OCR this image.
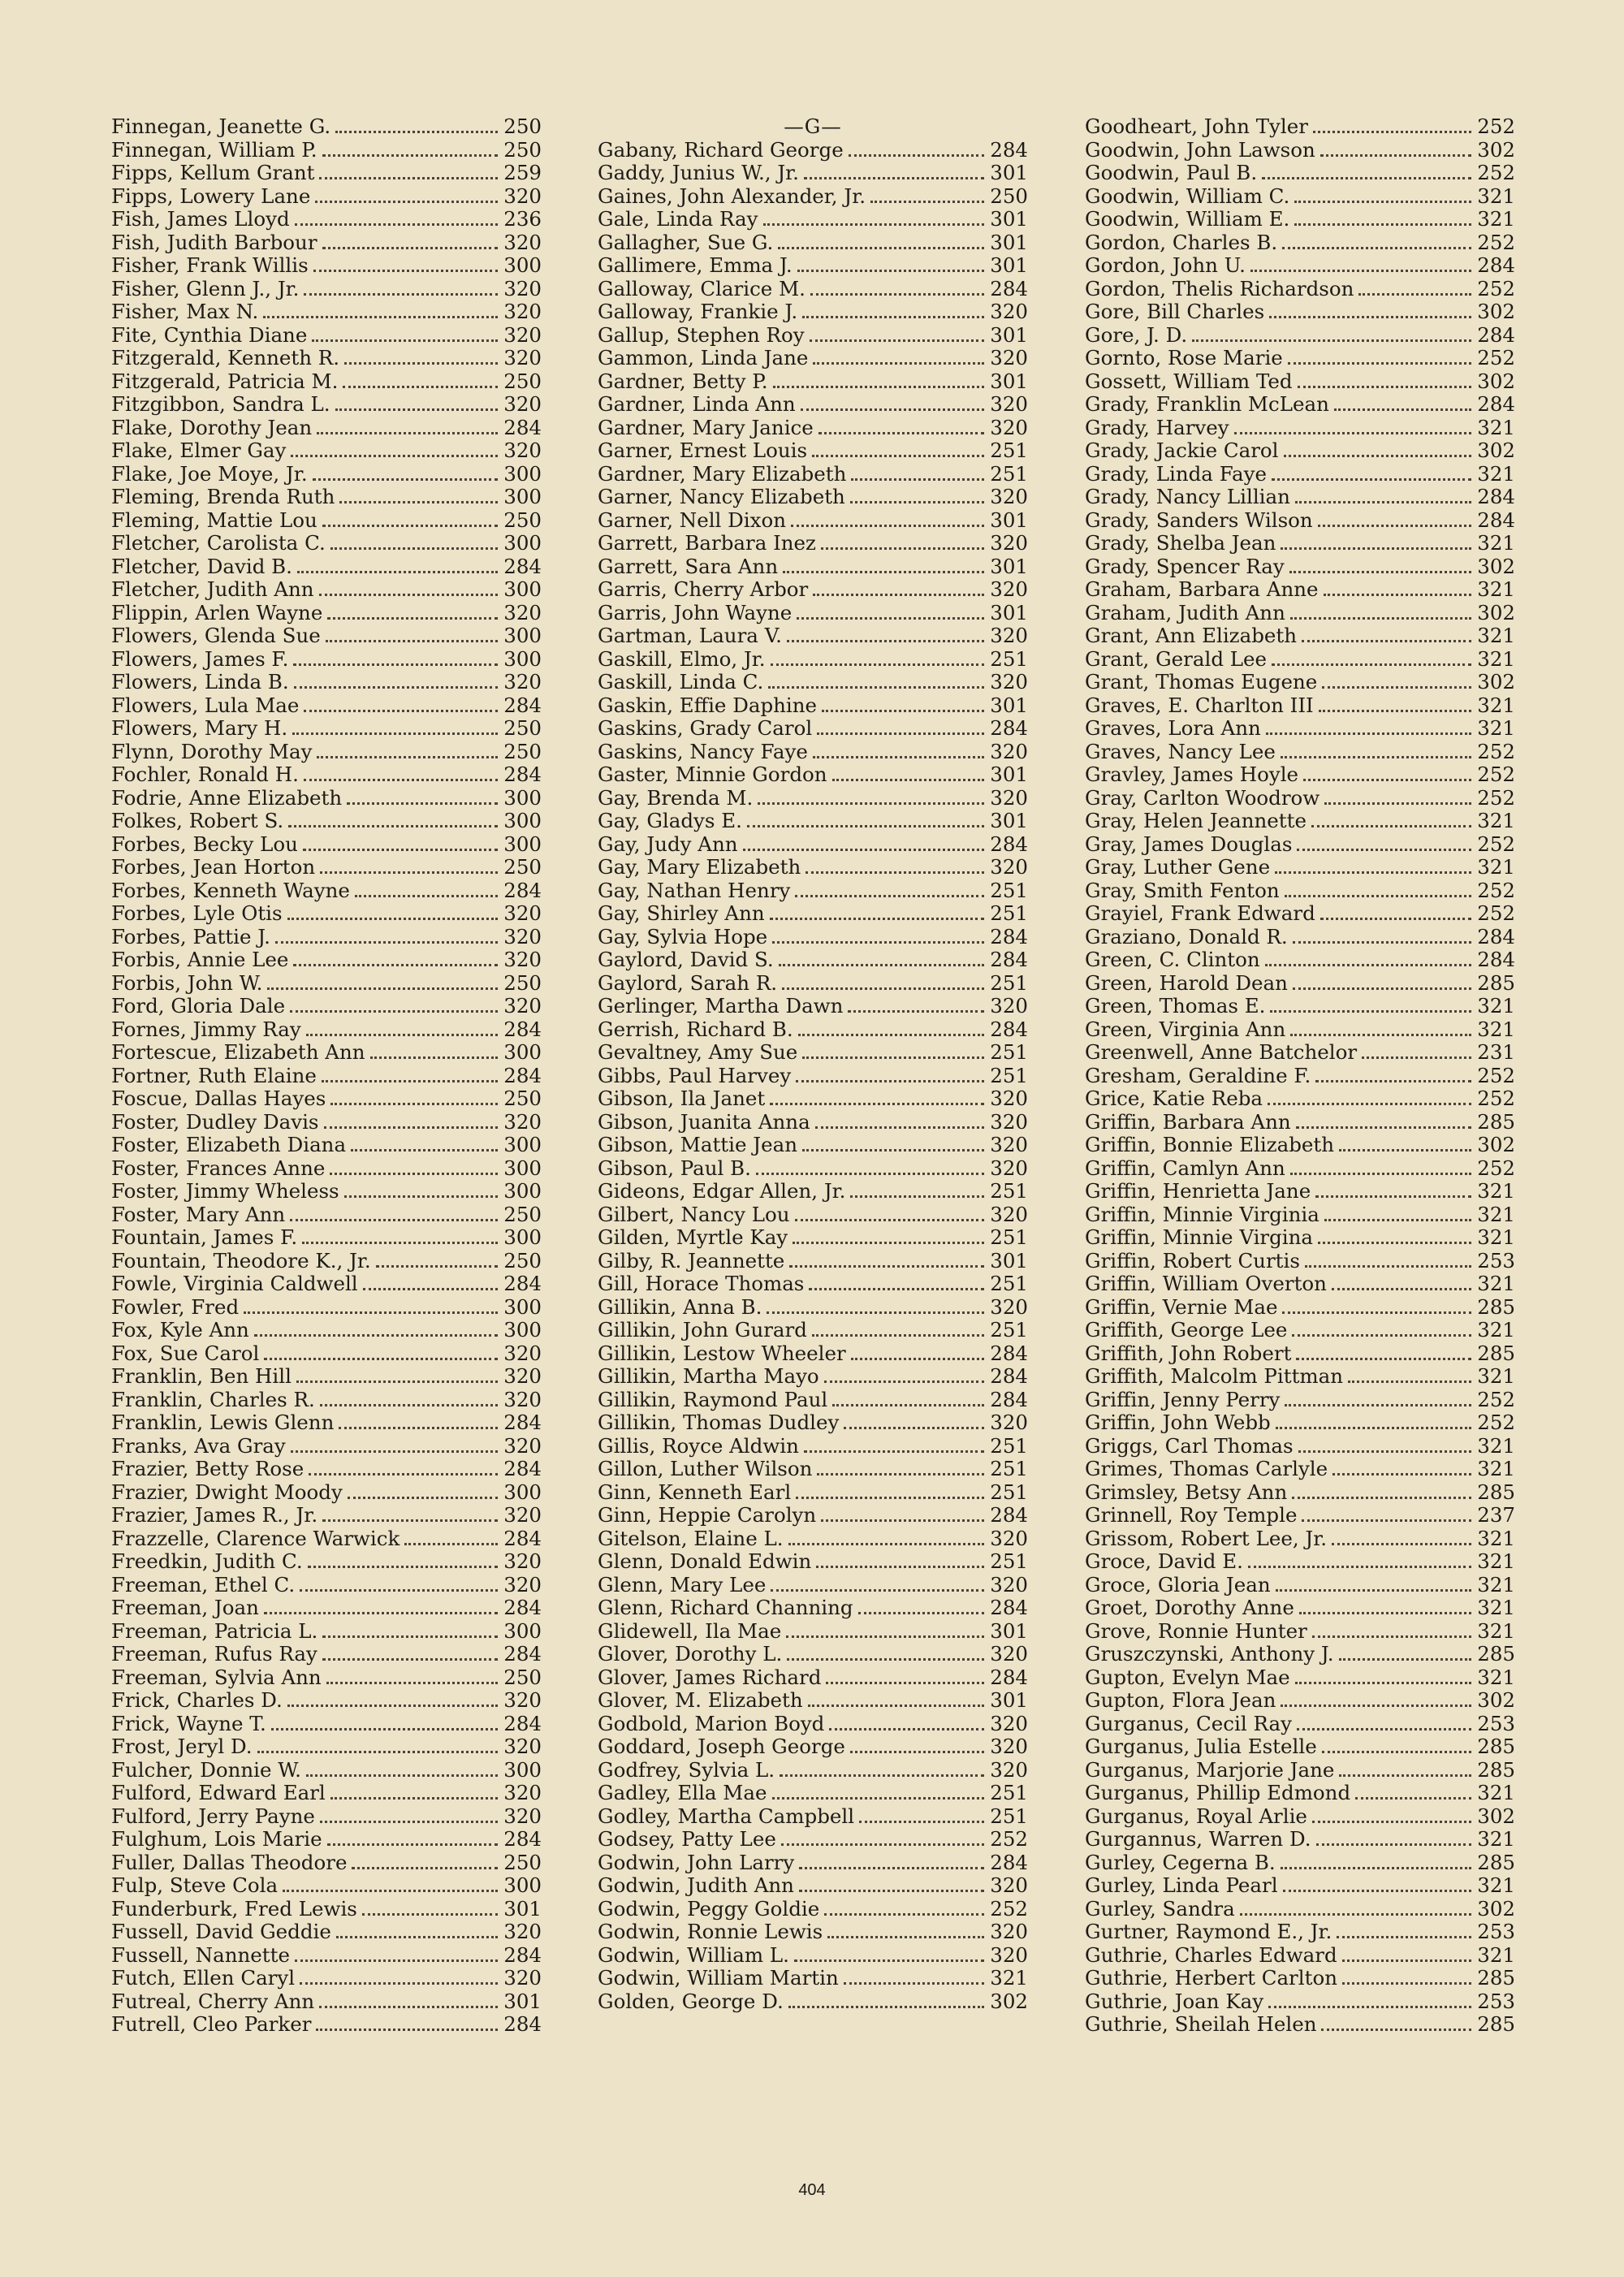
Finnegan, Jeanette G.	250
Finnegan, William P.	250
Fipps, Kellum Grant	259
Fipps, Lowery Lane	320
Fish, James Lloyd	236
Fish, Judith Barbour	320
Fisher, Frank Willis	300
Fisher, Glenn J., Jr.	320
Fisher, Max N.	320
Fite, Cynthia Diane	320
Fitzgerald, Kenneth R.	320
Fitzgerald, Patricia M.	250
Fitzgibbon, Sandra L.	320
Flake, Dorothy Jean	284
Flake, Elmer Gay	320
Flake, Joe Moye, Jr.	300
Fleming, Brenda Ruth	300
Fleming, Mattie Lou	250
Fletcher, Carolista C.	300
Fletcher, David B.	284
Fletcher, Judith Ann	300
Flippin, Arlen Wayne	320
Flowers, Glenda Sue	300
Flowers, James F.	300
Flowers, Linda B.	320
Flowers, Lula Mae	284
Flowers, Mary H.	250
Flynn, Dorothy May	250
Fochler, Ronald H.	284
Fodrie, Anne Elizabeth	300
Folkes, Robert S.	300
Forbes, Becky Lou	300
Forbes, Jean Horton	250
Forbes, Kenneth Wayne	284
Forbes, Lyle Otis	320
Forbes, Pattie J.	320
Forbis, Annie Lee	320
Forbis, John W.	250
Ford, Gloria Dale	320
Fornes, Jimmy Ray	284
Fortescue, Elizabeth Ann	300
Fortner, Ruth Elaine	284
Foscue, Dallas Hayes	250
Foster, Dudley Davis	320
Foster, Elizabeth Diana	300
Foster, Frances Anne	300
Foster, Jimmy Wheless	300
Foster, Mary Ann	250
Fountain, James F.	300
Fountain, Theodore K., Jr.	250
Fowle, Virginia Caldwell	284
Fowler, Fred	300
Fox, Kyle Ann	300
Fox, Sue Carol	320
Franklin, Ben Hill	320
Franklin, Charles R.	320
Franklin, Lewis Glenn	284
Franks, Ava Gray	320
Frazier, Betty Rose	284
Frazier, Dwight Moody	300
Frazier, James R., Jr.	320
Frazzelle, Clarence Warwick	284
Freedkin, Judith C.	320
Freeman, Ethel C.	320
Freeman, Joan	284
Freeman, Patricia L.	300
Freeman, Rufus Ray	284
Freeman, Sylvia Ann	250
Frick, Charles D.	320
Frick, Wayne T.	284
Frost, Jeryl D.	320
Fulcher, Donnie W.	300
Fulford, Edward Earl	320
Fulford, Jerry Payne	320
Fulghum, Lois Marie	284
Fuller, Dallas Theodore	250
Fulp, Steve Cola	300
Funderburk, Fred Lewis	301
Fussell, David Geddie	320
Fussell, Nannette	284
Futch, Ellen Caryl	320
Futreal, Cherry Ann	301
Futrell, Cleo Parker	284
—G—
Gabany, Richard George	284
Gaddy, Junius W., Jr.	301
Gaines, John Alexander, Jr.	250
Gale, Linda Ray	301
Gallagher, Sue G.	301
Gallimere, Emma J.	301
Galloway, Clarice M.	284
Galloway, Frankie J.	320
Gallup, Stephen Roy	301
Gammon, Linda Jane	320
Gardner, Betty P.	301
Gardner, Linda Ann	320
Gardner, Mary Janice	320
Garner, Ernest Louis	251
Gardner, Mary Elizabeth	251
Garner, Nancy Elizabeth	320
Garner, Nell Dixon	301
Garrett, Barbara Inez	320
Garrett, Sara Ann	301
Garris, Cherry Arbor	320
Garris, John Wayne	301
Gartman, Laura V.	320
Gaskill, Elmo, Jr.	251
Gaskill, Linda C.	320
Gaskin, Effie Daphine	301
Gaskins, Grady Carol	284
Gaskins, Nancy Faye	320
Gaster, Minnie Gordon	301
Gay, Brenda M.	320
Gay, Gladys E.	301
Gay, Judy Ann	284
Gay, Mary Elizabeth	320
Gay, Nathan Henry	251
Gay, Shirley Ann	251
Gay, Sylvia Hope	284
Gaylord, David S.	284
Gaylord, Sarah R.	251
Gerlinger, Martha Dawn	320
Gerrish, Richard B.	284
Gevaltney, Amy Sue	251
Gibbs, Paul Harvey	251
Gibson, Ila Janet	320
Gibson, Juanita Anna	320
Gibson, Mattie Jean	320
Gibson, Paul B.	320
Gideons, Edgar Allen, Jr.	251
Gilbert, Nancy Lou	320
Gilden, Myrtle Kay	251
Gilby, R. Jeannette	301
Gill, Horace Thomas	251
Gillikin, Anna B.	320
Gillikin, John Gurard	251
Gillikin, Lestow Wheeler	284
Gillikin, Martha Mayo	284
Gillikin, Raymond Paul	284
Gillikin, Thomas Dudley	320
Gillis, Royce Aldwin	251
Gillon, Luther Wilson	251
Ginn, Kenneth Earl	251
Ginn, Heppie Carolyn	284
Gitelson, Elaine L.	320
Glenn, Donald Edwin	251
Glenn, Mary Lee	320
Glenn, Richard Channing	284
Glidewell, Ila Mae	301
Glover, Dorothy L.	320
Glover, James Richard	284
Glover, M. Elizabeth	301
Godbold, Marion Boyd	320
Goddard, Joseph George	320
Godfrey, Sylvia L.	320
Gadley, Ella Mae	251
Godley, Martha Campbell	251
Godsey, Patty Lee	252
Godwin, John Larry	284
Godwin, Judith Ann	320
Godwin, Peggy Goldie	252
Godwin, Ronnie Lewis	320
Godwin, William L.	320
Godwin, William Martin	321
Golden, George D.	302
Goodheart, John Tyler	252
Goodwin, John Lawson	302
Goodwin, Paul B.	252
Goodwin, William C.	321
Goodwin, William E.	321
Gordon, Charles B.	252
Gordon, John U.	284
Gordon, Thelis Richardson	252
Gore, Bill Charles	302
Gore, J. D.	284
Gornto, Rose Marie	252
Gossett, William Ted	302
Grady, Franklin McLean	284
Grady, Harvey	321
Grady, Jackie Carol	302
Grady, Linda Faye	321
Grady, Nancy Lillian	284
Grady, Sanders Wilson	284
Grady, Shelba Jean	321
Grady, Spencer Ray	302
Graham, Barbara Anne	321
Graham, Judith Ann	302
Grant, Ann Elizabeth	321
Grant, Gerald Lee	321
Grant, Thomas Eugene	302
Graves, E. Charlton III	321
Graves, Lora Ann	321
Graves, Nancy Lee	252
Gravley, James Hoyle	252
Gray, Carlton Woodrow	252
Gray, Helen Jeannette	321
Gray, James Douglas	252
Gray, Luther Gene	321
Gray, Smith Fenton	252
Grayiel, Frank Edward	252
Graziano, Donald R.	284
Green, C. Clinton	284
Green, Harold Dean	285
Green, Thomas E.	321
Green, Virginia Ann	321
Greenwell, Anne Batchelor	231
Gresham, Geraldine F.	252
Grice, Katie Reba	252
Griffin, Barbara Ann	285
Griffin, Bonnie Elizabeth	302
Griffin, Camlyn Ann	252
Griffin, Henrietta Jane	321
Griffin, Minnie Virginia	321
Griffin, Minnie Virgina	321
Griffin, Robert Curtis	253
Griffin, William Overton	321
Griffin, Vernie Mae	285
Griffith, George Lee	321
Griffith, John Robert	285
Griffith, Malcolm Pittman	321
Griffin, Jenny Perry	252
Griffin, John Webb	252
Griggs, Carl Thomas	321
Grimes, Thomas Carlyle	321
Grimsley, Betsy Ann	285
Grinnell, Roy Temple	237
Grissom, Robert Lee, Jr.	321
Groce, David E.	321
Groce, Gloria Jean	321
Groet, Dorothy Anne	321
Grove, Ronnie Hunter	321
Gruszczynski, Anthony J.	285
Gupton, Evelyn Mae	321
Gupton, Flora Jean	302
Gurganus, Cecil Ray	253
Gurganus, Julia Estelle	285
Gurganus, Marjorie Jane	285
Gurganus, Phillip Edmond	321
Gurganus, Royal Arlie	302
Gurgannus, Warren D.	321
Gurley, Cegerna B.	285
Gurley, Linda Pearl	321
Gurley, Sandra	302
Gurtner, Raymond E., Jr.	253
Guthrie, Charles Edward	321
Guthrie, Herbert Carlton	285
Guthrie, Joan Kay	253
Guthrie, Sheilah Helen	285
404
